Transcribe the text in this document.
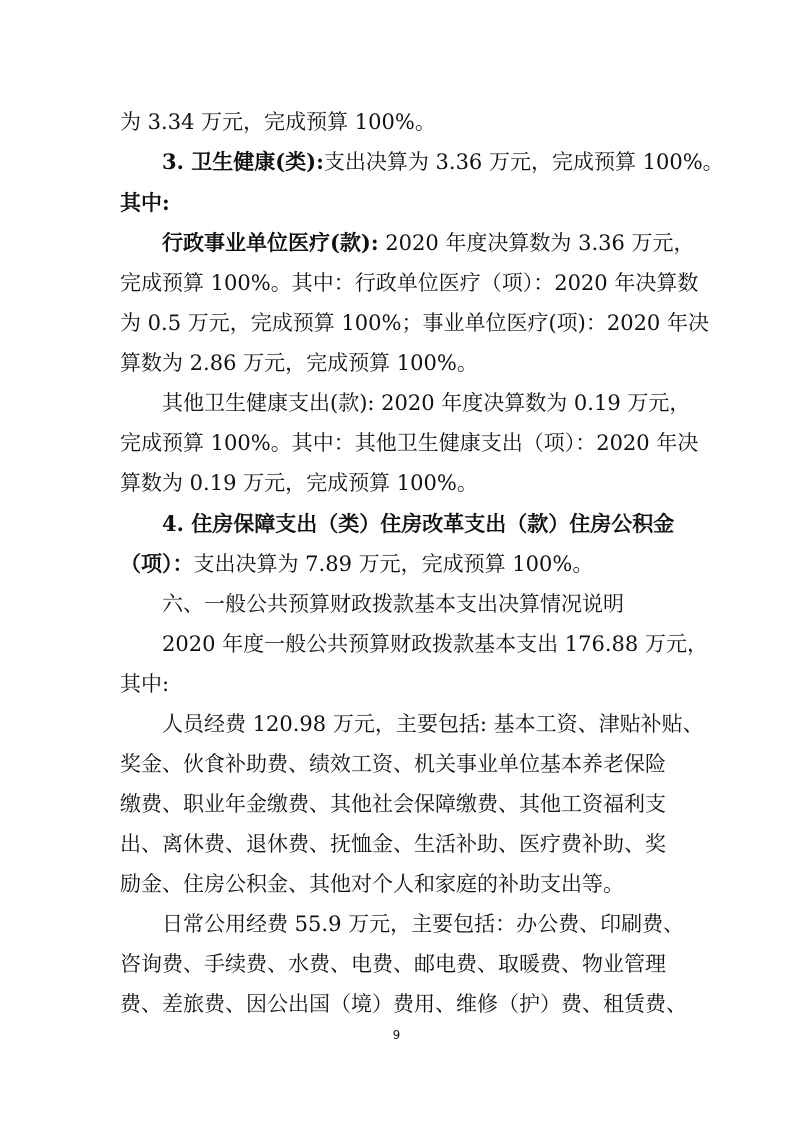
为 3.34 万元，完成预算 100%。
3. 卫生健康(类):支出决算为 3.36 万元，完成预算 100%。
其中:
行政事业单位医疗(款): 2020 年度决算数为 3.36 万元，
完成预算 100%。其中：行政单位医疗（项）：2020 年决算数
为 0.5 万元，完成预算 100%；事业单位医疗(项)：2020 年决
算数为 2.86 万元，完成预算 100%。
其他卫生健康支出(款): 2020 年度决算数为 0.19 万元，
完成预算 100%。其中：其他卫生健康支出（项）：2020 年决
算数为 0.19 万元，完成预算 100%。
4. 住房保障支出（类）住房改革支出（款）住房公积金
（项）：支出决算为 7.89 万元，完成预算 100%。
六、一般公共预算财政拨款基本支出决算情况说明
2020 年度一般公共预算财政拨款基本支出 176.88 万元，
其中:
人员经费 120.98 万元，主要包括: 基本工资、津贴补贴、
奖金、伙食补助费、绩效工资、机关事业单位基本养老保险
缴费、职业年金缴费、其他社会保障缴费、其他工资福利支
出、离休费、退休费、抚恤金、生活补助、医疗费补助、奖
励金、住房公积金、其他对个人和家庭的补助支出等。
日常公用经费 55.9 万元，主要包括：办公费、印刷费、
咨询费、手续费、水费、电费、邮电费、取暖费、物业管理
费、差旅费、因公出国（境）费用、维修（护）费、租赁费、
9
